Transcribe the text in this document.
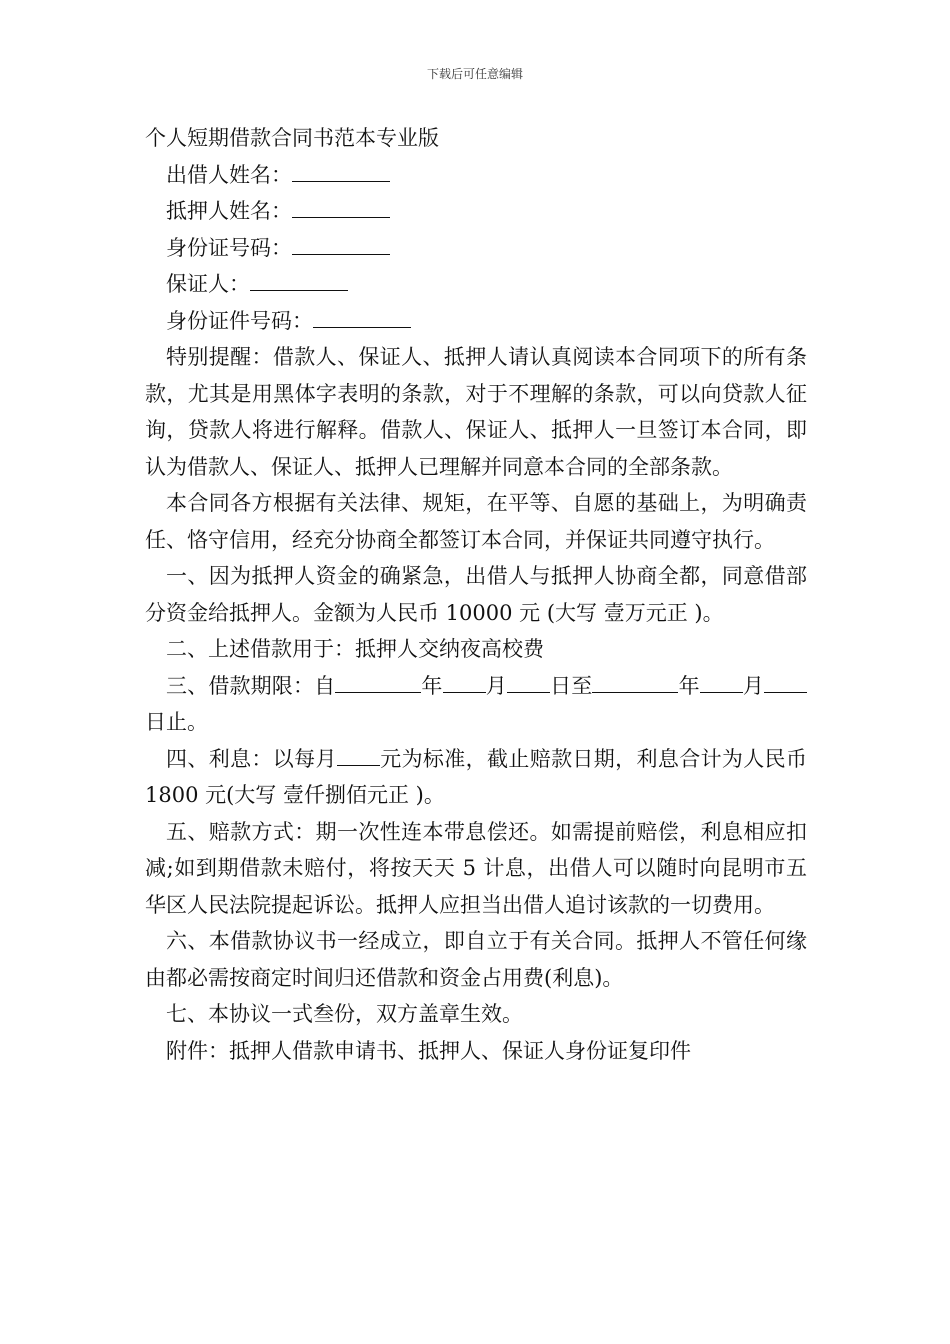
下载后可任意编辑
个人短期借款合同书范本专业版
出借人姓名：
抵押人姓名：
身份证号码：
保证人：
身份证件号码：
特别提醒：借款人、保证人、抵押人请认真阅读本合同项下的所有条款，尤其是用黑体字表明的条款，对于不理解的条款，可以向贷款人征询，贷款人将进行解释。借款人、保证人、抵押人一旦签订本合同，即认为借款人、保证人、抵押人已理解并同意本合同的全部条款。
本合同各方根据有关法律、规矩，在平等、自愿的基础上，为明确责任、恪守信用，经充分协商全都签订本合同，并保证共同遵守执行。
一、因为抵押人资金的确紧急，出借人与抵押人协商全都，同意借部分资金给抵押人。金额为人民币 10000 元 (大写 壹万元正 )。
二、上述借款用于：抵押人交纳夜高校费
三、借款期限：自	年 月 日至	年 月日止。
四、利息：以每月 元为标准，截止赔款日期，利息合计为人民币 1800 元(大写 壹仟捌佰元正 )。
五、赔款方式：期一次性连本带息偿还。如需提前赔偿，利息相应扣减;如到期借款未赔付，将按天天 5 计息，出借人可以随时向昆明市五华区人民法院提起诉讼。抵押人应担当出借人追讨该款的一切费用。
六、本借款协议书一经成立，即自立于有关合同。抵押人不管任何缘由都必需按商定时间归还借款和资金占用费(利息)。
七、本协议一式叁份，双方盖章生效。
附件：抵押人借款申请书、抵押人、保证人身份证复印件
